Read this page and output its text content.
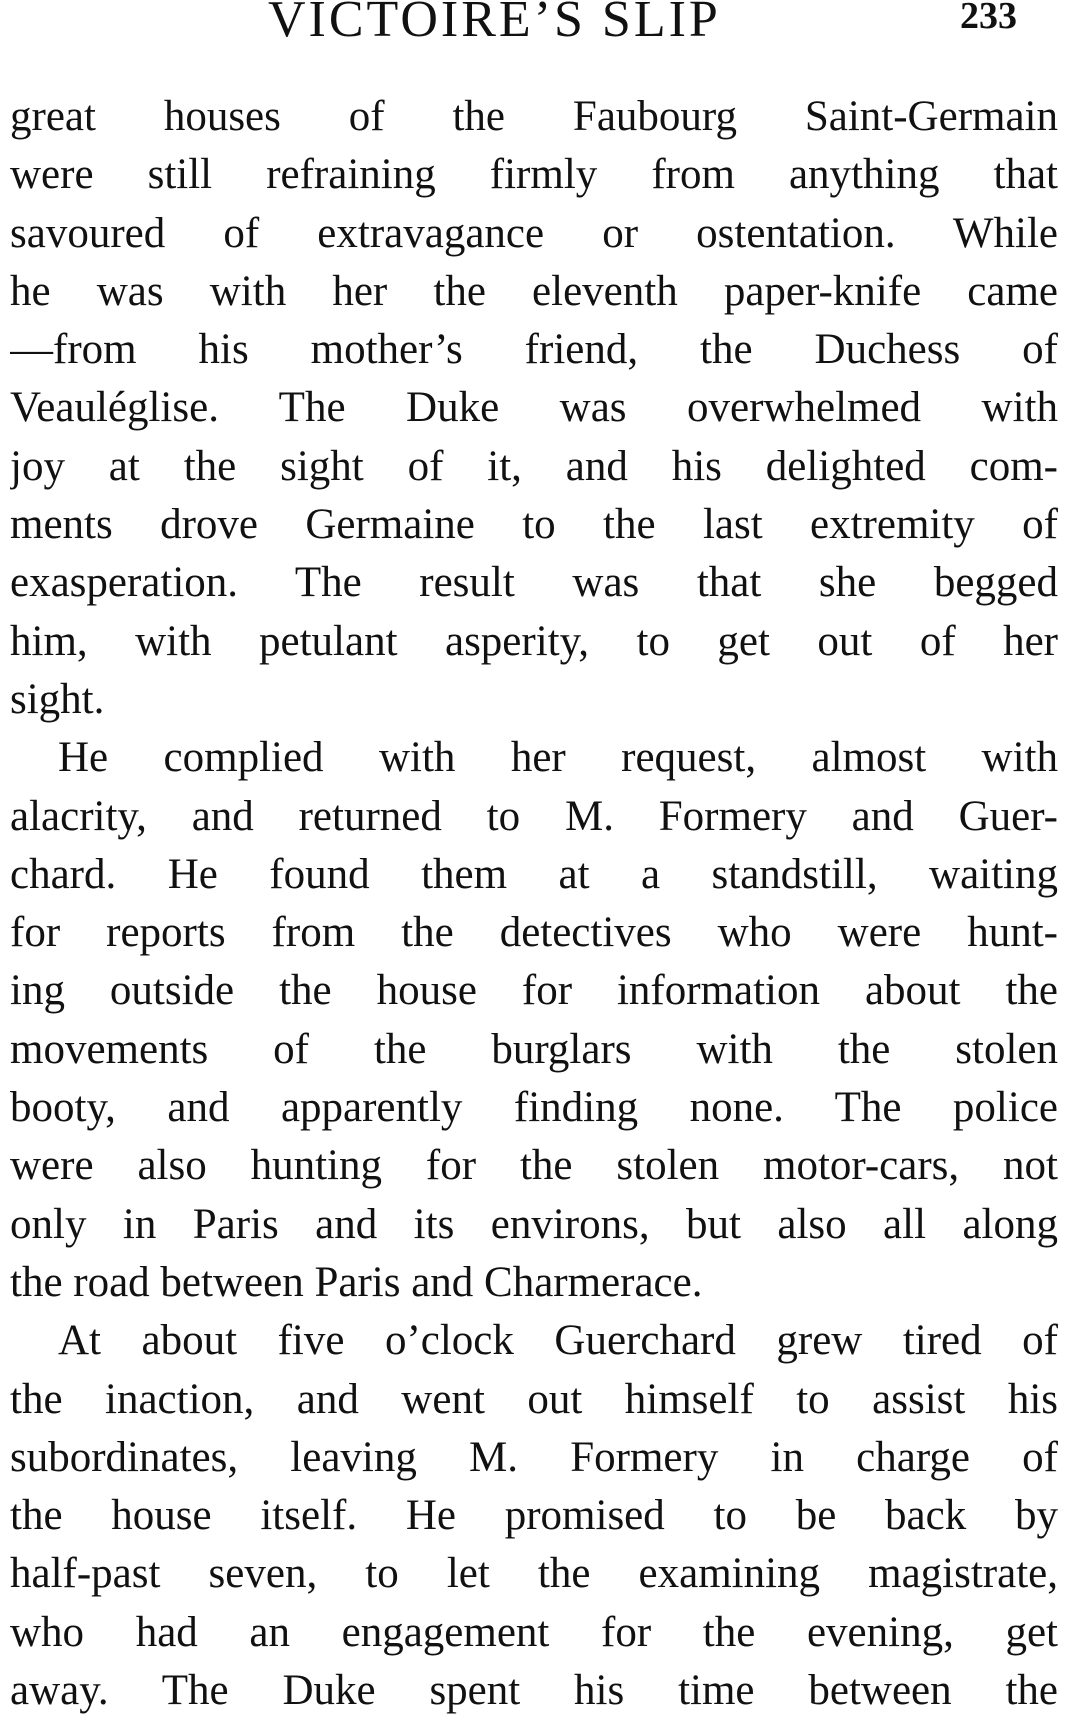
VICTOIRE’S SLIP	233
great houses of the Faubourg Saint-Germain
were still refraining firmly from anything that
savoured of extravagance or ostentation. While
he was with her the eleventh paper-knife came
—from his mother’s friend, the Duchess of
Veauléglise. The Duke was overwhelmed with
joy at the sight of it, and his delighted com-
ments drove Germaine to the last extremity of
exasperation. The result was that she begged
him, with petulant asperity, to get out of her
sight.
He complied with her request, almost with
alacrity, and returned to M. Formery and Guer-
chard. He found them at a standstill, waiting
for reports from the detectives who were hunt-
ing outside the house for information about the
movements of the burglars with the stolen
booty, and apparently finding none. The police
were also hunting for the stolen motor-cars, not
only in Paris and its environs, but also all along
the road between Paris and Charmerace.
At about five o’clock Guerchard grew tired of
the inaction, and went out himself to assist his
subordinates, leaving M. Formery in charge of
the house itself. He promised to be back by
half-past seven, to let the examining magistrate,
who had an engagement for the evening, get
away. The Duke spent his time between the
